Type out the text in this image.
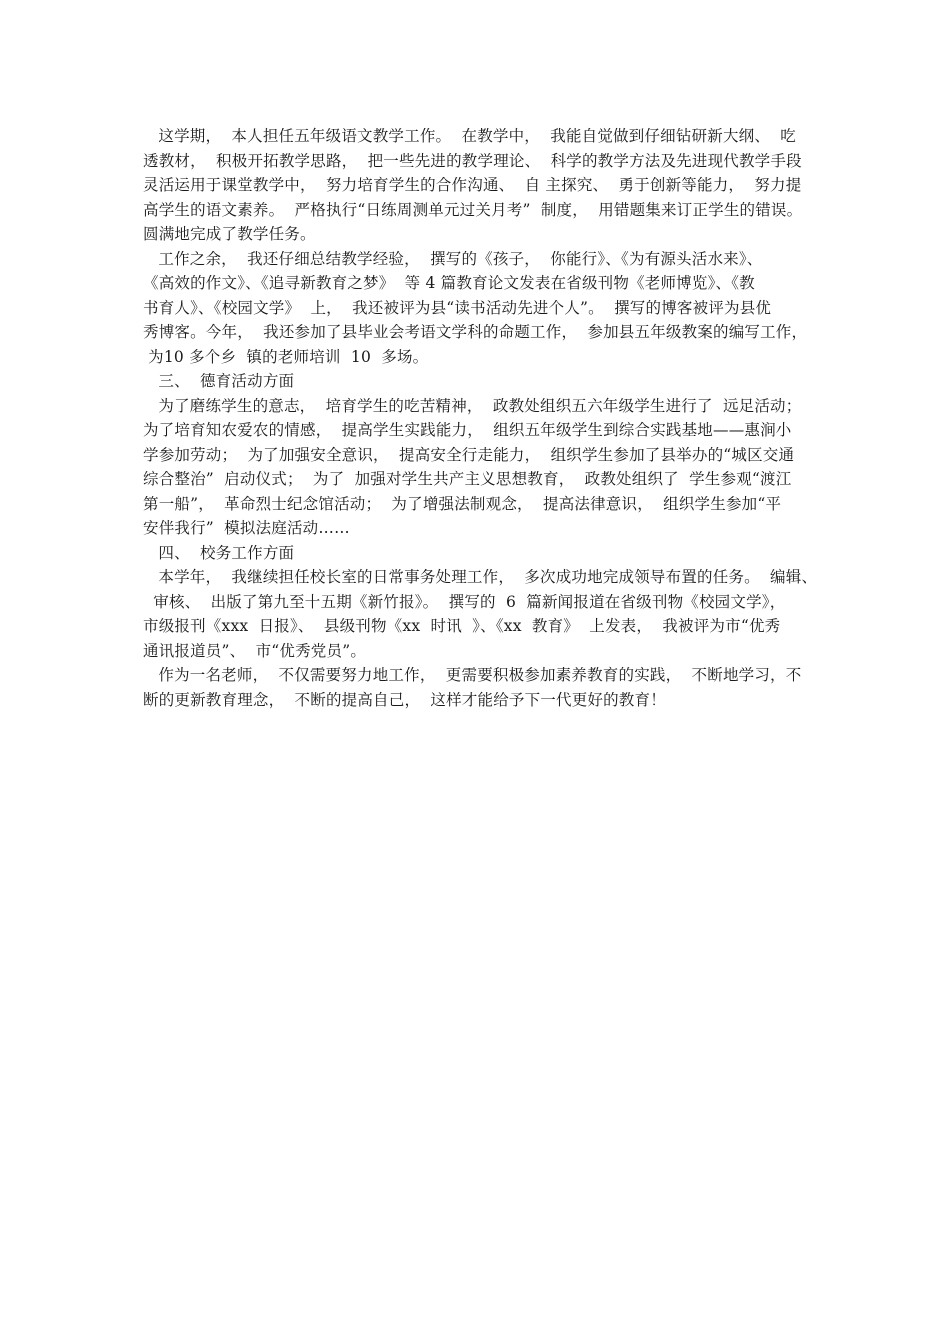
这学期，  本人担任五年级语文教学工作。  在教学中，  我能自觉做到仔细钻研新大纲、  吃
透教材，  积极开拓教学思路，  把一些先进的教学理论、  科学的教学方法及先进现代教学手段
灵活运用于课堂教学中，  努力培育学生的合作沟通、  自 主探究、  勇于创新等能力，  努力提
高学生的语文素养。  严格执行“日练周测单元过关月考”  制度，  用错题集来订正学生的错误。
圆满地完成了教学任务。
工作之余，  我还仔细总结教学经验，  撰写的《孩子，  你能行》、《为有源头活水来》、
《高效的作文》、《追寻新教育之梦》  等 4 篇教育论文发表在省级刊物《老师博览》、《教
书育人》、《校园文学》  上，  我还被评为县“读书活动先进个人”。  撰写的博客被评为县优
秀博客。今年，  我还参加了县毕业会考语文学科的命题工作，  参加县五年级教案的编写工作，
为10 多个乡  镇的老师培训  10  多场。
三、  德育活动方面
为了磨练学生的意志，  培育学生的吃苦精神，  政教处组织五六年级学生进行了  远足活动；
为了培育知农爱农的情感，  提高学生实践能力，  组织五年级学生到综合实践基地——惠涧小
学参加劳动；  为了加强安全意识，  提高安全行走能力，  组织学生参加了县举办的“城区交通
综合整治”  启动仪式；  为了  加强对学生共产主义思想教育，  政教处组织了  学生参观“渡江
第一船”，  革命烈士纪念馆活动；  为了增强法制观念，  提高法律意识，  组织学生参加“平
安伴我行”  模拟法庭活动……
四、  校务工作方面
本学年，  我继续担任校长室的日常事务处理工作，  多次成功地完成领导布置的任务。  编辑、
审核、  出版了第九至十五期《新竹报》。  撰写的  6  篇新闻报道在省级刊物《校园文学》，
市级报刊《xxx  日报》、  县级刊物《xx  时讯  》、《xx  教育》  上发表，  我被评为市“优秀
通讯报道员”、  市“优秀党员”。
作为一名老师，  不仅需要努力地工作，  更需要积极参加素养教育的实践，  不断地学习，不
断的更新教育理念，  不断的提高自己，  这样才能给予下一代更好的教育！
